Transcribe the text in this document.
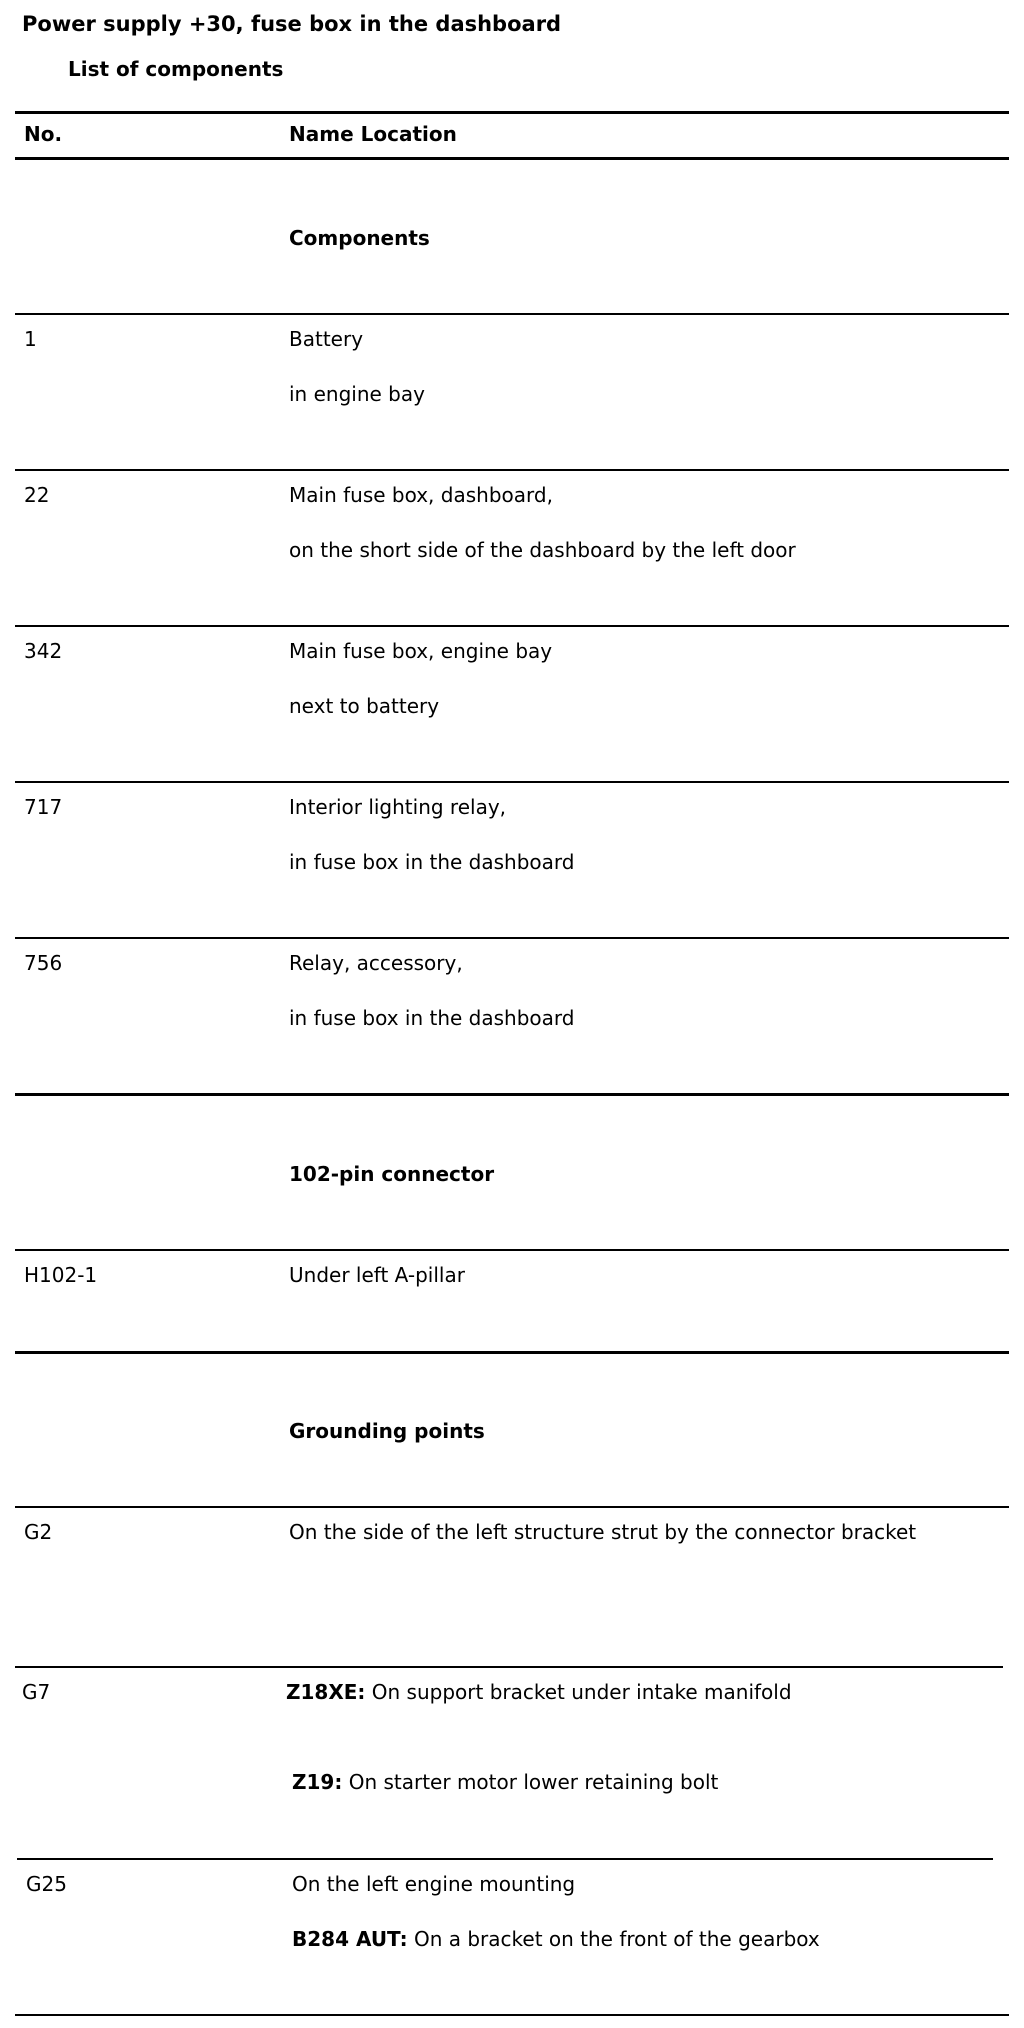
Power supply +30, fuse box in the dashboard
List of components
No.	Name Location
Components
1	Battery
in engine bay
22	Main fuse box, dashboard,
on the short side of the dashboard by the left door
342	Main fuse box, engine bay
next to battery
717	Interior lighting relay,
in fuse box in the dashboard
756	Relay, accessory,
in fuse box in the dashboard
102-pin connector
H102-1	Under left A-pillar
Grounding points
G2	On the side of the left structure strut by the connector bracket
G7	Z18XE: On support bracket under intake manifold
Z19: On starter motor lower retaining bolt
G25	On the left engine mounting
B284 AUT: On a bracket on the front of the gearbox
